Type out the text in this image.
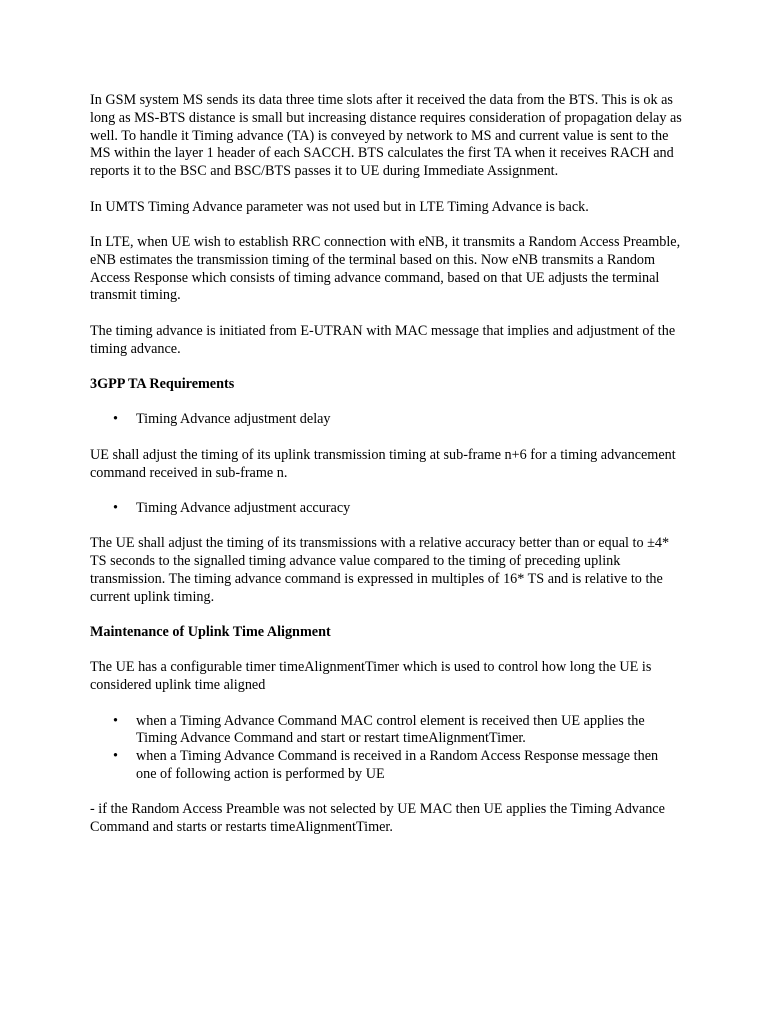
In GSM system MS sends its data three time slots after it received the data from the BTS. This is ok as long as MS-BTS distance is small but increasing distance requires consideration of propagation delay as well. To handle it Timing advance (TA) is conveyed by network to MS and current value is sent to the MS within the layer 1 header of each SACCH. BTS calculates the first TA when it receives RACH and reports it to the BSC and BSC/BTS passes it to UE during Immediate Assignment.

In UMTS Timing Advance parameter was not used but in LTE Timing Advance is back.

In LTE, when UE wish to establish RRC connection with eNB, it transmits a Random Access Preamble, eNB estimates the transmission timing of the terminal based on this. Now eNB transmits a Random Access Response which consists of timing advance command, based on that UE adjusts the terminal transmit timing.

The timing advance is initiated from E-UTRAN with MAC message that implies and adjustment of the timing advance.

3GPP TA Requirements
• Timing Advance adjustment delay

UE shall adjust the timing of its uplink transmission timing at sub-frame n+6 for a timing advancement command received in sub-frame n.

• Timing Advance adjustment accuracy

The UE shall adjust the timing of its transmissions with a relative accuracy better than or equal to ±4* TS seconds to the signalled timing advance value compared to the timing of preceding uplink transmission. The timing advance command is expressed in multiples of 16* TS and is relative to the current uplink timing.

Maintenance of Uplink Time Alignment

The UE has a configurable timer timeAlignmentTimer which is used to control how long the UE is considered uplink time aligned

• when a Timing Advance Command MAC control element is received then UE applies the Timing Advance Command and start or restart timeAlignmentTimer.
• when a Timing Advance Command is received in a Random Access Response message then one of following action is performed by UE

- if the Random Access Preamble was not selected by UE MAC then UE applies the Timing Advance Command and starts or restarts timeAlignmentTimer.
